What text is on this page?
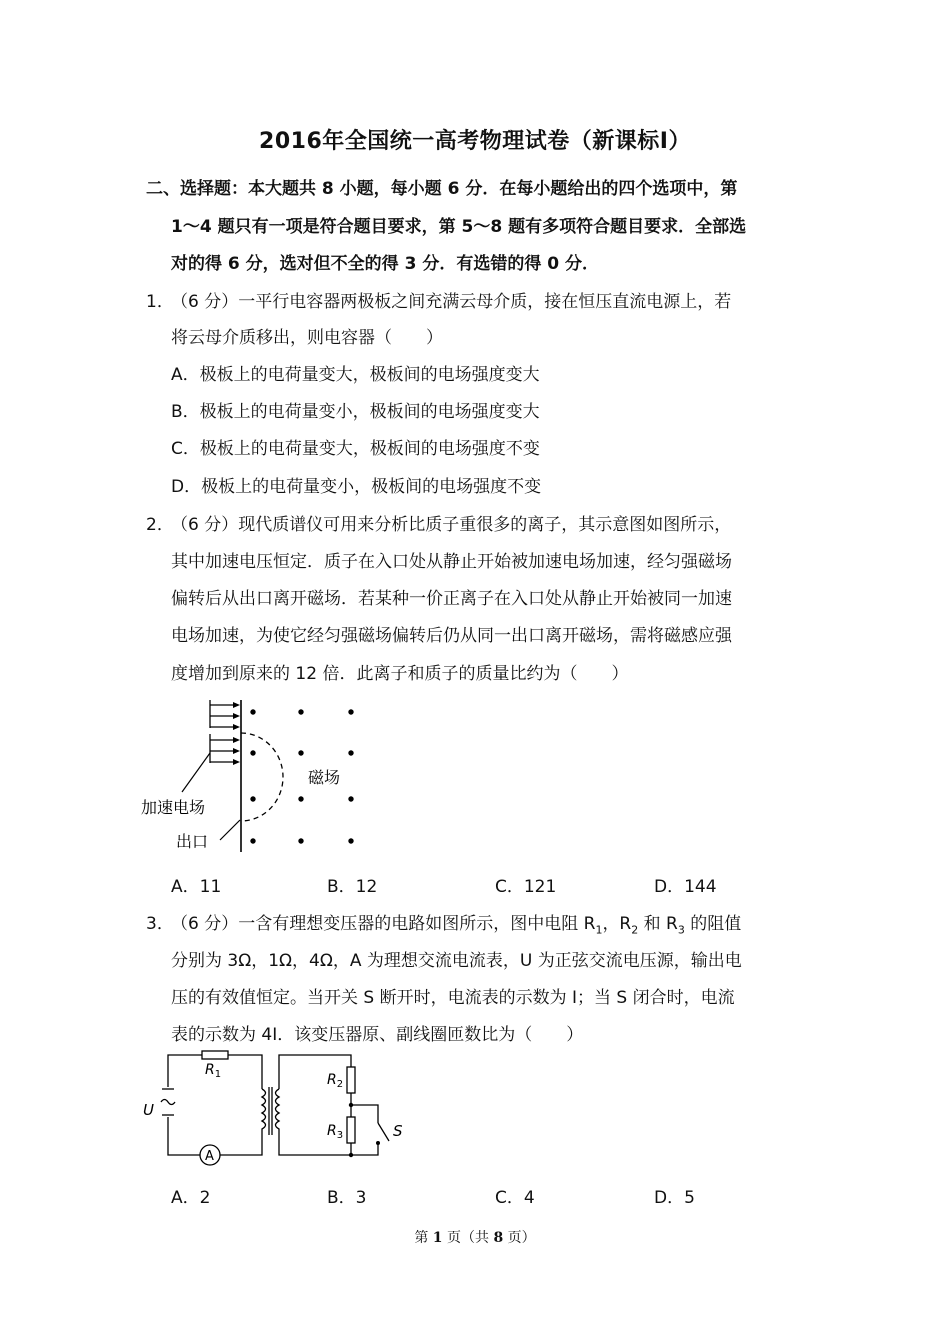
2016年全国统一高考物理试卷（新课标Ⅰ）
二、选择题：本大题共 8 小题，每小题 6 分．在每小题给出的四个选项中，第
1～4 题只有一项是符合题目要求，第 5～8 题有多项符合题目要求．全部选
对的得 6 分，选对但不全的得 3 分．有选错的得 0 分．
1．
（6 分）一平行电容器两极板之间充满云母介质，接在恒压直流电源上，若
将云母介质移出，则电容器（　　）
A．极板上的电荷量变大，极板间的电场强度变大
B．极板上的电荷量变小，极板间的电场强度变大
C．极板上的电荷量变大，极板间的电场强度不变
D．极板上的电荷量变小，极板间的电场强度不变
2．
（6 分）现代质谱仪可用来分析比质子重很多的离子，其示意图如图所示，
其中加速电压恒定．质子在入口处从静止开始被加速电场加速，经匀强磁场
偏转后从出口离开磁场．若某种一价正离子在入口处从静止开始被同一加速
电场加速，为使它经匀强磁场偏转后仍从同一出口离开磁场，需将磁感应强
度增加到原来的 12 倍．此离子和质子的质量比约为（　　）
磁场
加速电场
出口
A．11	B．12	C．121	D．144
3．
（6 分）一含有理想变压器的电路如图所示，图中电阻 $R_1$，$R_2$ 和 $R_3$ 的阻值
分别为 3Ω，1Ω，4Ω，A 为理想交流电流表，U 为正弦交流电压源，输出电
压的有效值恒定。当开关 S 断开时，电流表的示数为 I；当 S 闭合时，电流
表的示数为 4I．该变压器原、副线圈匝数比为（　　）
$R_1$	$R_2$
$R_3$
U
S
A
A．2	B．3	C．4	D．5
第 1 页（共 8 页）
